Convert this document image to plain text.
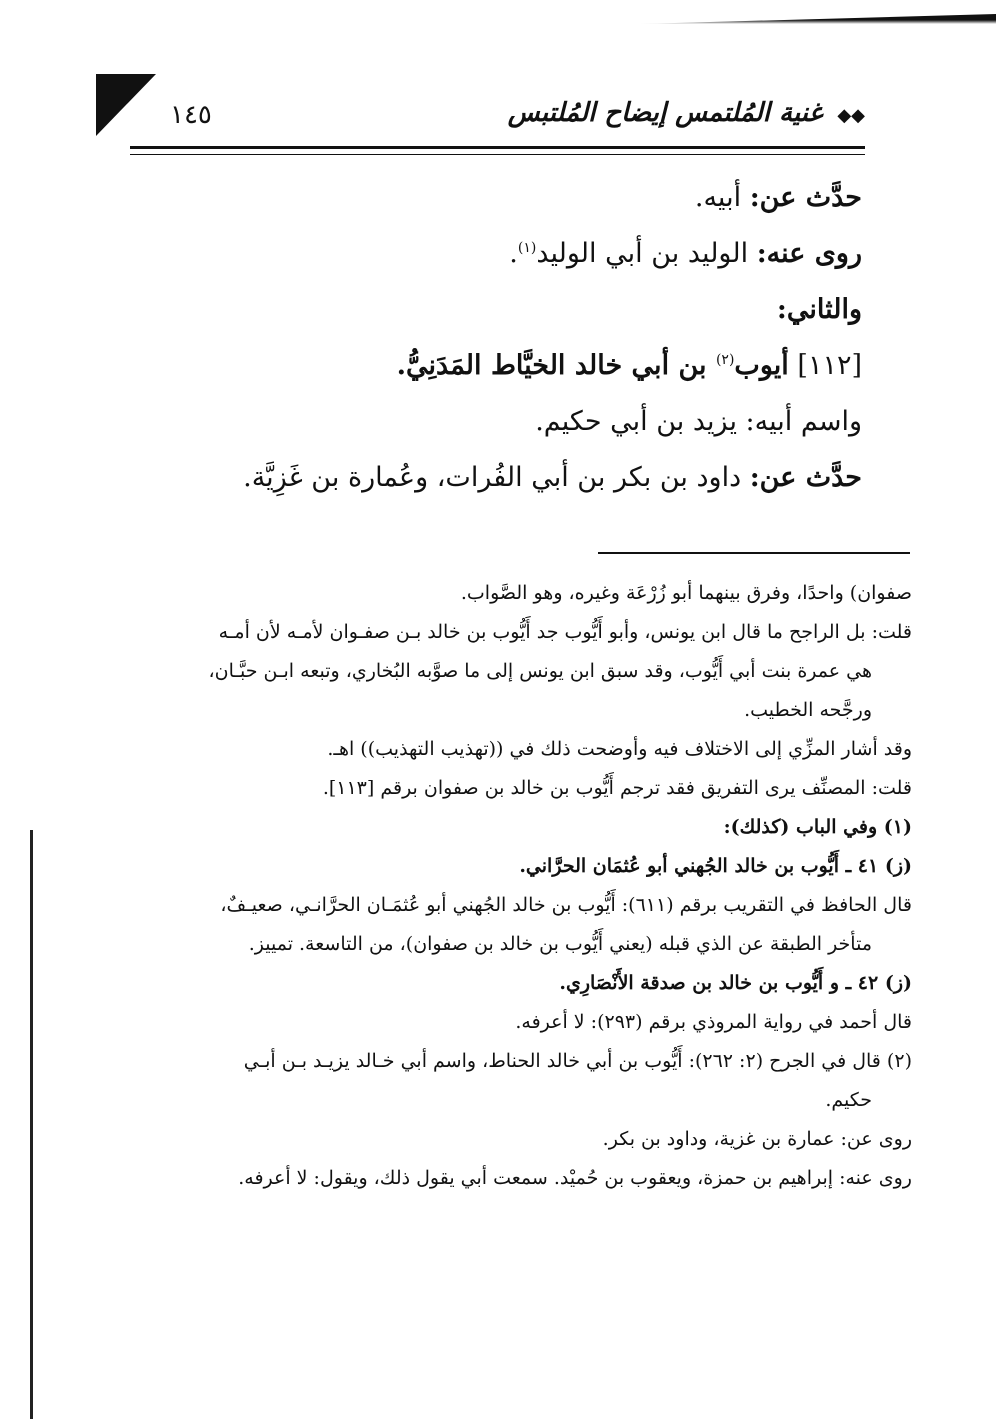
١٤٥	◆◆ غنية المُلتمس إيضاح المُلتبس

حدَّث عن: أبيه.

روى عنه: الوليد بن أبي الوليد$^{(١)}$.

والثاني:

[١١٢] أيوب$^{(٢)}$ بن أبي خالد الخيَّاط المَدَنِيُّ.

واسم أبيه: يزيد بن أبي حكيم.

حدَّث عن: داود بن بكر بن أبي الفُرات، وعُمارة بن غَزِيَّة.

صفوان) واحدًا، وفرق بينهما أبو زُرْعَة وغيره، وهو الصَّواب.

قلت: بل الراجح ما قال ابن يونس، وأبو أَيُّوب جد أَيُّوب بن خالد بـن صفـوان لأمـه لأن أمـه

هي عمرة بنت أبي أَيُّوب، وقد سبق ابن يونس إلى ما صوَّبه البُخاري، وتبعه ابـن حبَّـان،

ورجَّحه الخطيب.

وقد أشار المزِّي إلى الاختلاف فيه وأوضحت ذلك في ((تهذيب التهذيب)) اهـ.

قلت: المصنِّف يرى التفريق فقد ترجم أَيُّوب بن خالد بن صفوان برقم [١١٣].

(١) وفي الباب (كذلك):

(ز) ٤١ ـ أَيُّوب بن خالد الجُهني أبو عُثمَان الحرَّاني.

قال الحافظ في التقريب برقم (٦١١): أَيُّوب بن خالد الجُهني أبو عُثمَـان الحرَّانـي، صعيـفٌ،

متأخر الطبقة عن الذي قبله (يعني أَيُّوب بن خالد بن صفوان)، من التاسعة. تمييز.

(ز) ٤٢ ـ و أَيُّوب بن خالد بن صدقة الأَنْصَارِي.

قال أحمد في رواية المروذي برقم (٢٩٣): لا أعرفه.

(٢) قال في الجرح (٢: ٢٦٢): أَيُّوب بن أبي خالد الحناط، واسم أبي خـالد يزيـد بـن أبـي

حكيم.

روى عن: عمارة بن غزية، وداود بن بكر.

روى عنه: إبراهيم بن حمزة، ويعقوب بن حُميْد. سمعت أبي يقول ذلك، ويقول: لا أعرفه.
